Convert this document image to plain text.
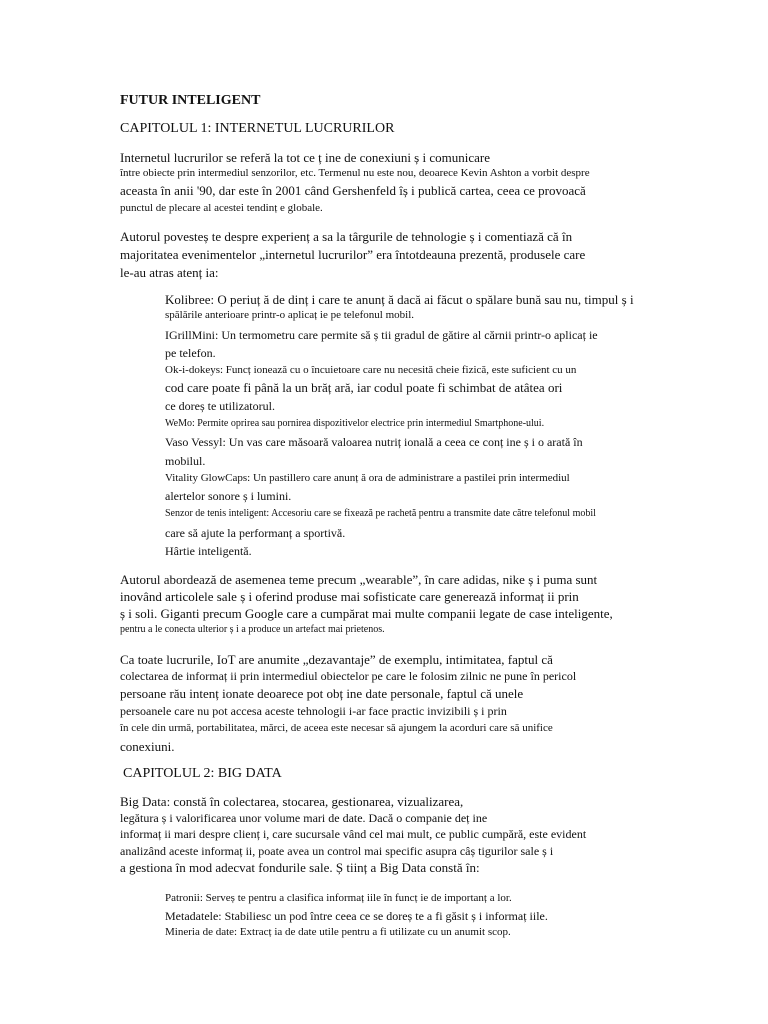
FUTUR INTELIGENT
CAPITOLUL 1: INTERNETUL LUCRURILOR
Internetul lucrurilor se referă la tot ce ț ine de conexiuni ș i comunicare
între obiecte prin intermediul senzorilor, etc. Termenul nu este nou, deoarece Kevin Ashton a vorbit despre
aceasta în anii '90, dar este în 2001 când Gershenfeld îș i publică cartea, ceea ce provoacă
punctul de plecare al acestei tendinț e globale.
Autorul povesteș te despre experienț a sa la târgurile de tehnologie ș i comentiază că în
majoritatea evenimentelor „internetul lucrurilor” era întotdeauna prezentă, produsele care
le-au atras atenț ia:
Kolibree: O periuț ă de dinț i care te anunț ă dacă ai făcut o spălare bună sau nu, timpul ș i
spălările anterioare printr-o aplicaț ie pe telefonul mobil.
IGrillMini: Un termometru care permite să ș tii gradul de gătire al cărnii printr-o aplicaț ie
pe telefon.
Ok-i-dokeys: Funcț ionează cu o încuietoare care nu necesită cheie fizică, este suficient cu un
cod care poate fi până la un brăț ară, iar codul poate fi schimbat de atâtea ori
ce doreș te utilizatorul.
WeMo: Permite oprirea sau pornirea dispozitivelor electrice prin intermediul Smartphone-ului.
Vaso Vessyl: Un vas care măsoară valoarea nutriț ională a ceea ce conț ine ș i o arată în
mobilul.
Vitality GlowCaps: Un pastillero care anunț ă ora de administrare a pastilei prin intermediul
alertelor sonore ș i lumini.
Senzor de tenis inteligent: Accesoriu care se fixează pe rachetă pentru a transmite date către telefonul mobil
care să ajute la performanț a sportivă.
Hârtie inteligentă.
Autorul abordează de asemenea teme precum „wearable”, în care adidas, nike ș i puma sunt
inovând articolele sale ș i oferind produse mai sofisticate care generează informaț ii prin
ș i soli. Giganti precum Google care a cumpărat mai multe companii legate de case inteligente,
pentru a le conecta ulterior ș i a produce un artefact mai prietenos.
Ca toate lucrurile, IoT are anumite „dezavantaje” de exemplu, intimitatea, faptul că
colectarea de informaț ii prin intermediul obiectelor pe care le folosim zilnic ne pune în pericol
persoane rău intenț ionate deoarece pot obț ine date personale, faptul că unele
persoanele care nu pot accesa aceste tehnologii i-ar face practic invizibili ș i prin
în cele din urmă, portabilitatea, mărci, de aceea este necesar să ajungem la acorduri care să unifice
conexiuni.
CAPITOLUL 2: BIG DATA
Big Data: constă în colectarea, stocarea, gestionarea, vizualizarea,
legătura ș i valorificarea unor volume mari de date. Dacă o companie deț ine
informaț ii mari despre clienț i, care sucursale vând cel mai mult, ce public cumpără, este evident
analizând aceste informaț ii, poate avea un control mai specific asupra câș tigurilor sale ș i
a gestiona în mod adecvat fondurile sale. Ș tiinț a Big Data constă în:
Patronii: Serveș te pentru a clasifica informaț iile în funcț ie de importanț a lor.
Metadatele: Stabiliesc un pod între ceea ce se doreș te a fi găsit ș i informaț iile.
Mineria de date: Extracț ia de date utile pentru a fi utilizate cu un anumit scop.
